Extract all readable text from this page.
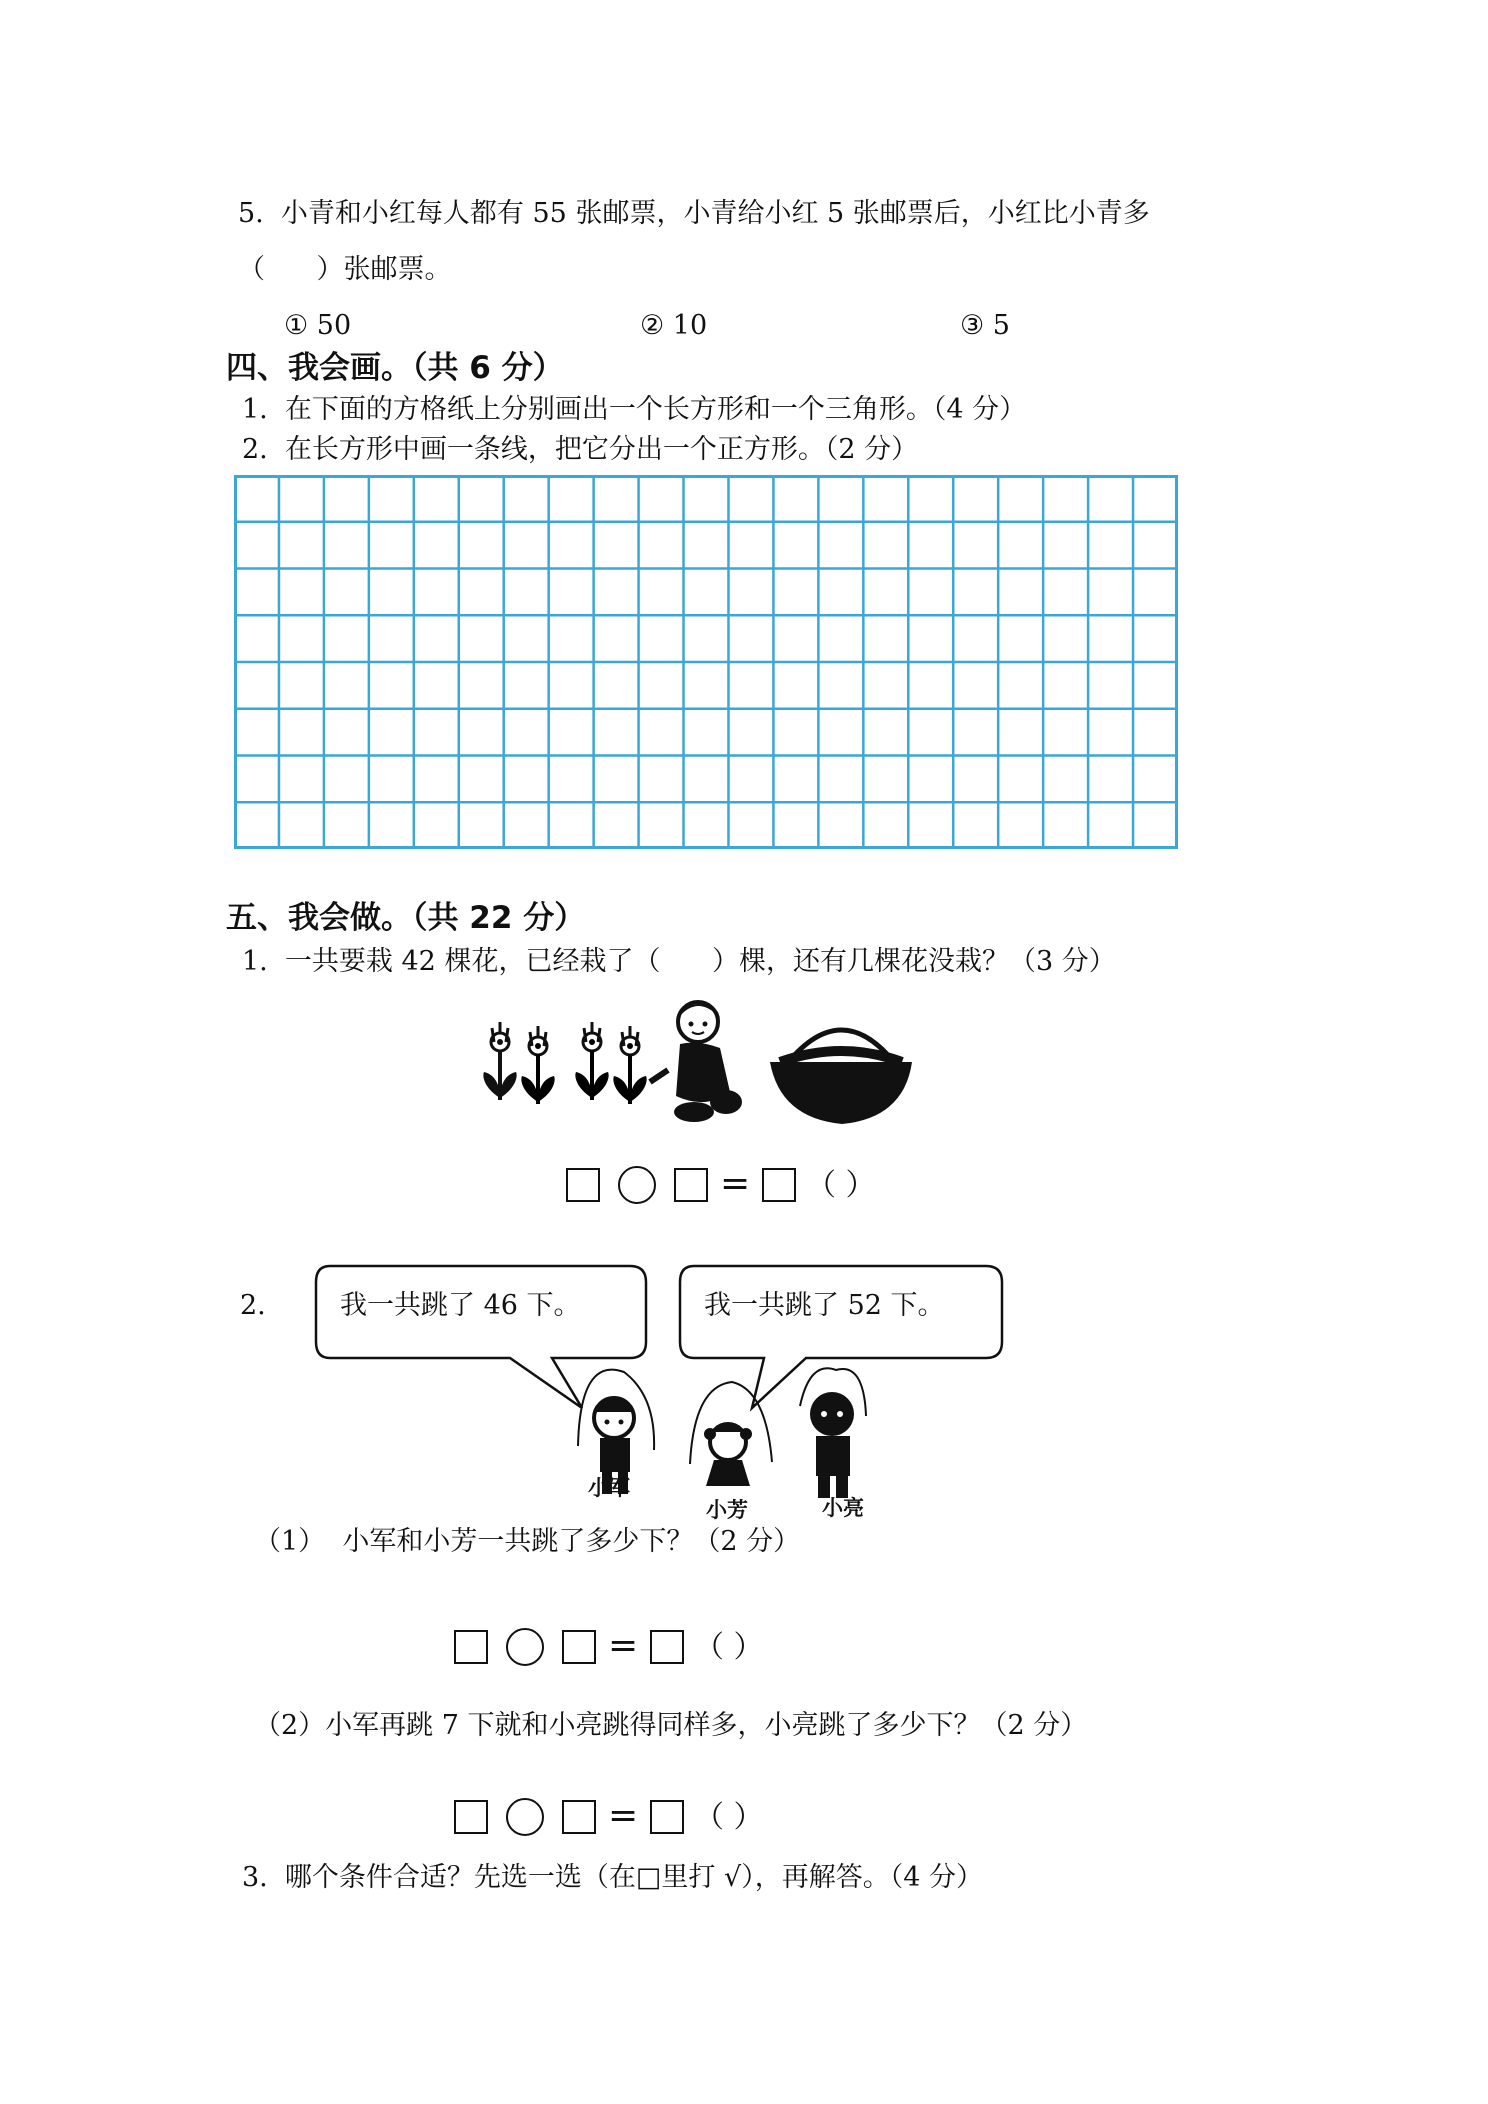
5.  小青和小红每人都有 55 张邮票，小青给小红 5 张邮票后，小红比小青多
（      ）张邮票。
① 50	② 10	③ 5
四、我会画。（共 6 分）
1.  在下面的方格纸上分别画出一个长方形和一个三角形。（4 分）
2.  在长方形中画一条线，把它分出一个正方形。（2 分）
五、我会做。（共 22 分）
1.  一共要栽 42 棵花，已经栽了（      ）棵，还有几棵花没栽？（3 分）
= （ ）
2.	我一共跳了 46 下。	我一共跳了 52 下。
小军
小芳	小亮
（1）  小军和小芳一共跳了多少下？（2 分）
= （ ）
（2）小军再跳 7 下就和小亮跳得同样多，小亮跳了多少下？（2 分）
= （ ）
3.  哪个条件合适？先选一选（在□里打 √），再解答。（4 分）
